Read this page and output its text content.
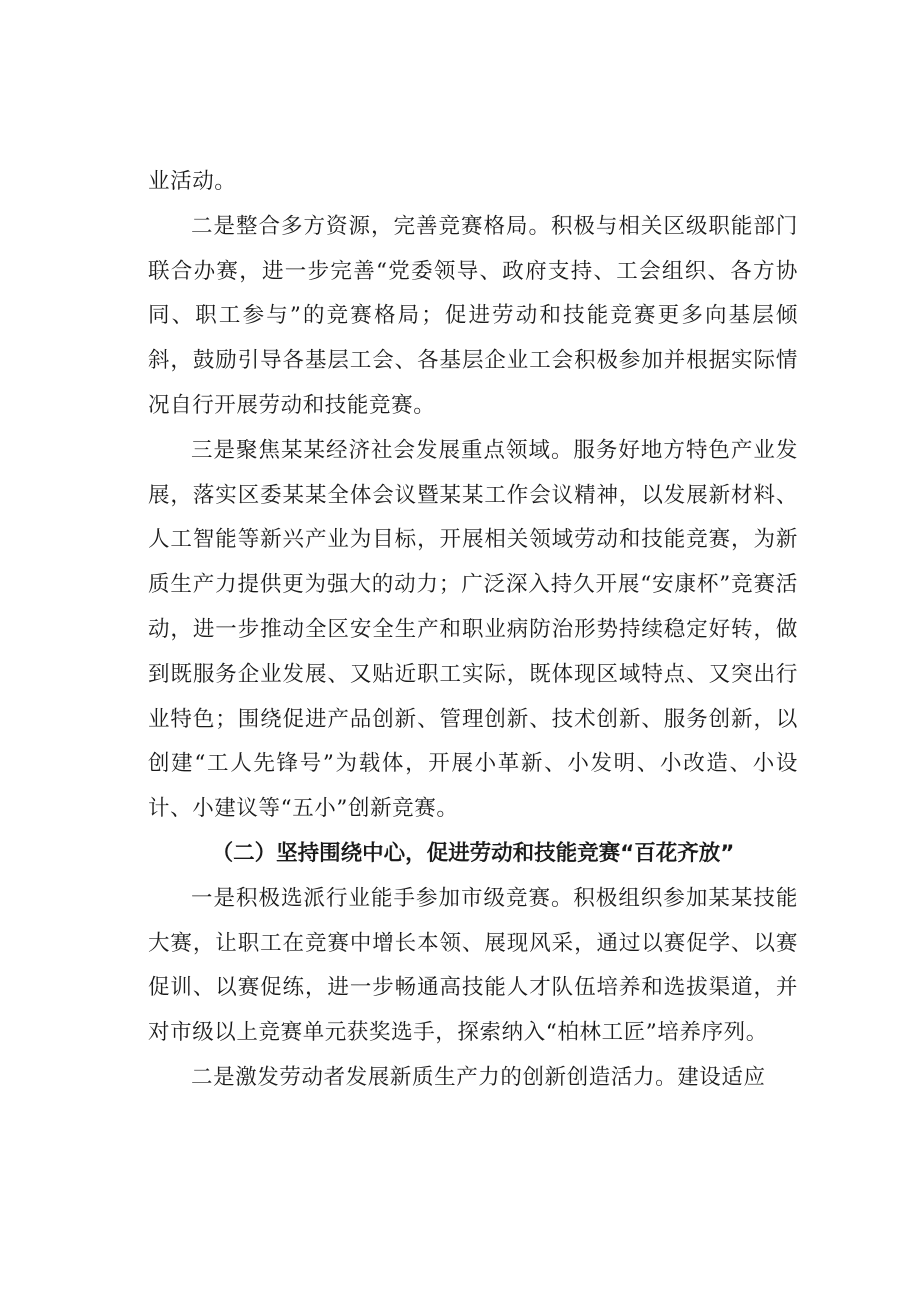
业活动。

二是整合多方资源，完善竞赛格局。积极与相关区级职能部门联合办赛，进一步完善“党委领导、政府支持、工会组织、各方协同、职工参与”的竞赛格局；促进劳动和技能竞赛更多向基层倾斜，鼓励引导各基层工会、各基层企业工会积极参加并根据实际情况自行开展劳动和技能竞赛。

三是聚焦某某经济社会发展重点领域。服务好地方特色产业发展，落实区委某某全体会议暨某某工作会议精神，以发展新材料、人工智能等新兴产业为目标，开展相关领域劳动和技能竞赛，为新质生产力提供更为强大的动力；广泛深入持久开展“安康杯”竞赛活动，进一步推动全区安全生产和职业病防治形势持续稳定好转，做到既服务企业发展、又贴近职工实际，既体现区域特点、又突出行业特色；围绕促进产品创新、管理创新、技术创新、服务创新，以创建“工人先锋号”为载体，开展小革新、小发明、小改造、小设计、小建议等“五小”创新竞赛。

（二）坚持围绕中心，促进劳动和技能竞赛“百花齐放”

一是积极选派行业能手参加市级竞赛。积极组织参加某某技能大赛，让职工在竞赛中增长本领、展现风采，通过以赛促学、以赛促训、以赛促练，进一步畅通高技能人才队伍培养和选拔渠道，并对市级以上竞赛单元获奖选手，探索纳入“柏林工匠”培养序列。

二是激发劳动者发展新质生产力的创新创造活力。建设适应
